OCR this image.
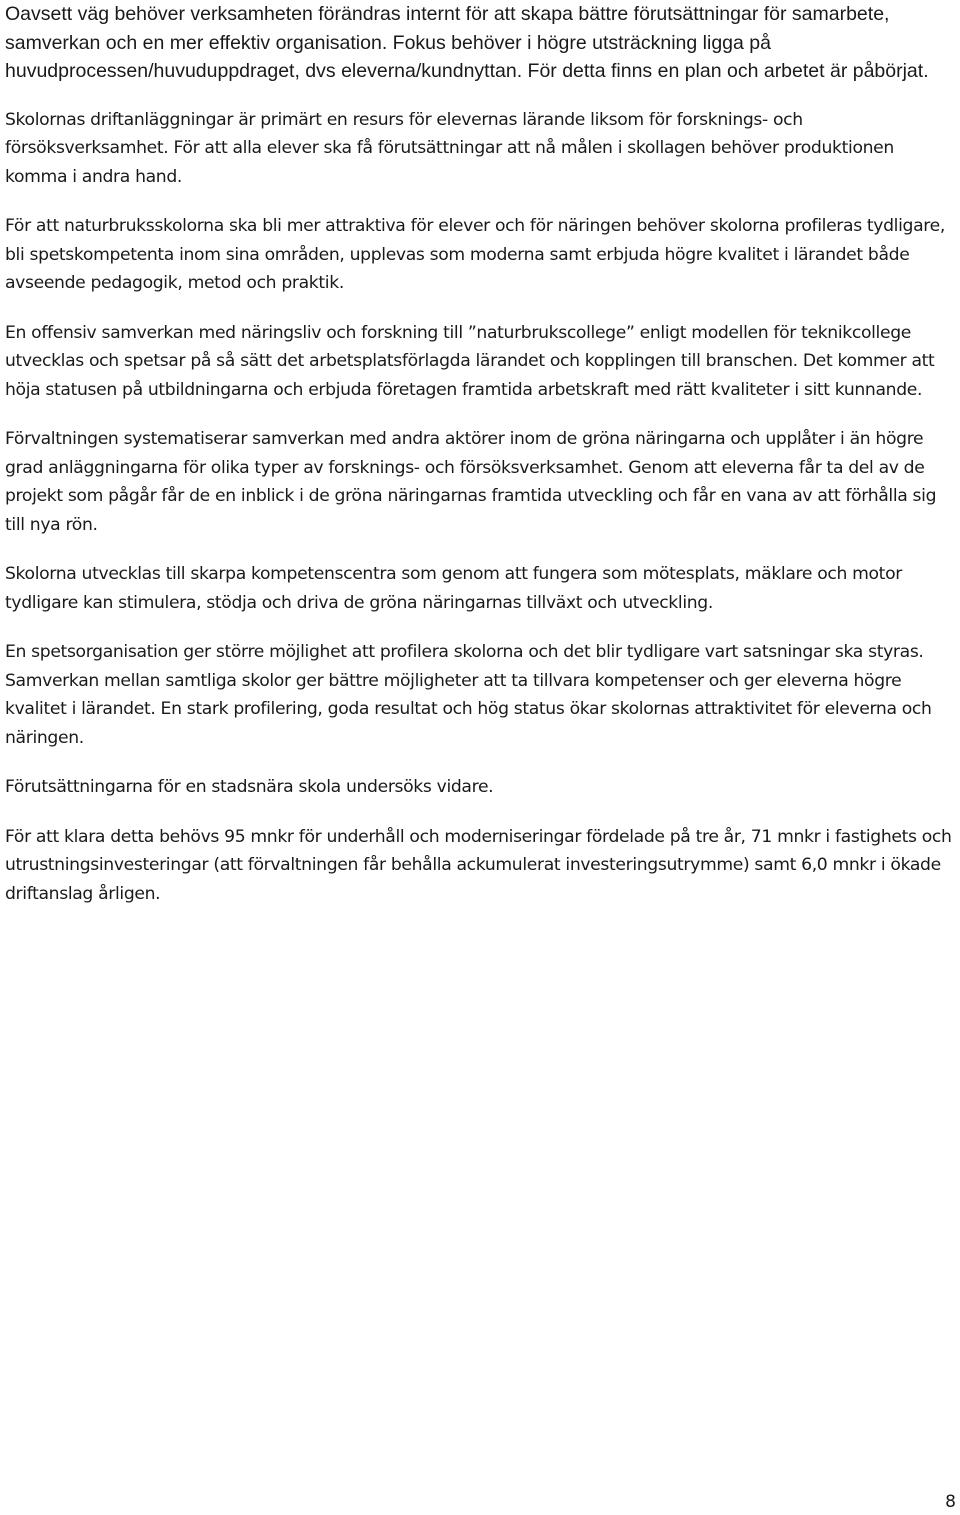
Oavsett väg behöver verksamheten förändras internt för att skapa bättre förutsättningar för samarbete, samverkan och en mer effektiv organisation. Fokus behöver i högre utsträckning ligga på huvudprocessen/huvuduppdraget, dvs eleverna/kundnyttan. För detta finns en plan och arbetet är påbörjat.

Skolornas driftanläggningar är primärt en resurs för elevernas lärande liksom för forsknings- och försöksverksamhet. För att alla elever ska få förutsättningar att nå målen i skollagen behöver produktionen komma i andra hand.

För att naturbruksskolorna ska bli mer attraktiva för elever och för näringen behöver skolorna profileras tydligare, bli spetskompetenta inom sina områden, upplevas som moderna samt erbjuda högre kvalitet i lärandet både avseende pedagogik, metod och praktik.

En offensiv samverkan med näringsliv och forskning till ”naturbrukscollege” enligt modellen för teknikcollege utvecklas och spetsar på så sätt det arbetsplatsförlagda lärandet och kopplingen till branschen. Det kommer att höja statusen på utbildningarna och erbjuda företagen framtida arbetskraft med rätt kvaliteter i sitt kunnande.

Förvaltningen systematiserar samverkan med andra aktörer inom de gröna näringarna och upplåter i än högre grad anläggningarna för olika typer av forsknings- och försöksverksamhet. Genom att eleverna får ta del av de projekt som pågår får de en inblick i de gröna näringarnas framtida utveckling och får en vana av att förhålla sig till nya rön.

Skolorna utvecklas till skarpa kompetenscentra som genom att fungera som mötesplats, mäklare och motor tydligare kan stimulera, stödja och driva de gröna näringarnas tillväxt och utveckling.

En spetsorganisation ger större möjlighet att profilera skolorna och det blir tydligare vart satsningar ska styras. Samverkan mellan samtliga skolor ger bättre möjligheter att ta tillvara kompetenser och ger eleverna högre kvalitet i lärandet. En stark profilering, goda resultat och hög status ökar skolornas attraktivitet för eleverna och näringen.

Förutsättningarna för en stadsnära skola undersöks vidare.

För att klara detta behövs 95 mnkr för underhåll och moderniseringar fördelade på tre år, 71 mnkr i fastighets och utrustningsinvesteringar (att förvaltningen får behålla ackumulerat investeringsutrymme) samt 6,0 mnkr i ökade driftanslag årligen.

8
